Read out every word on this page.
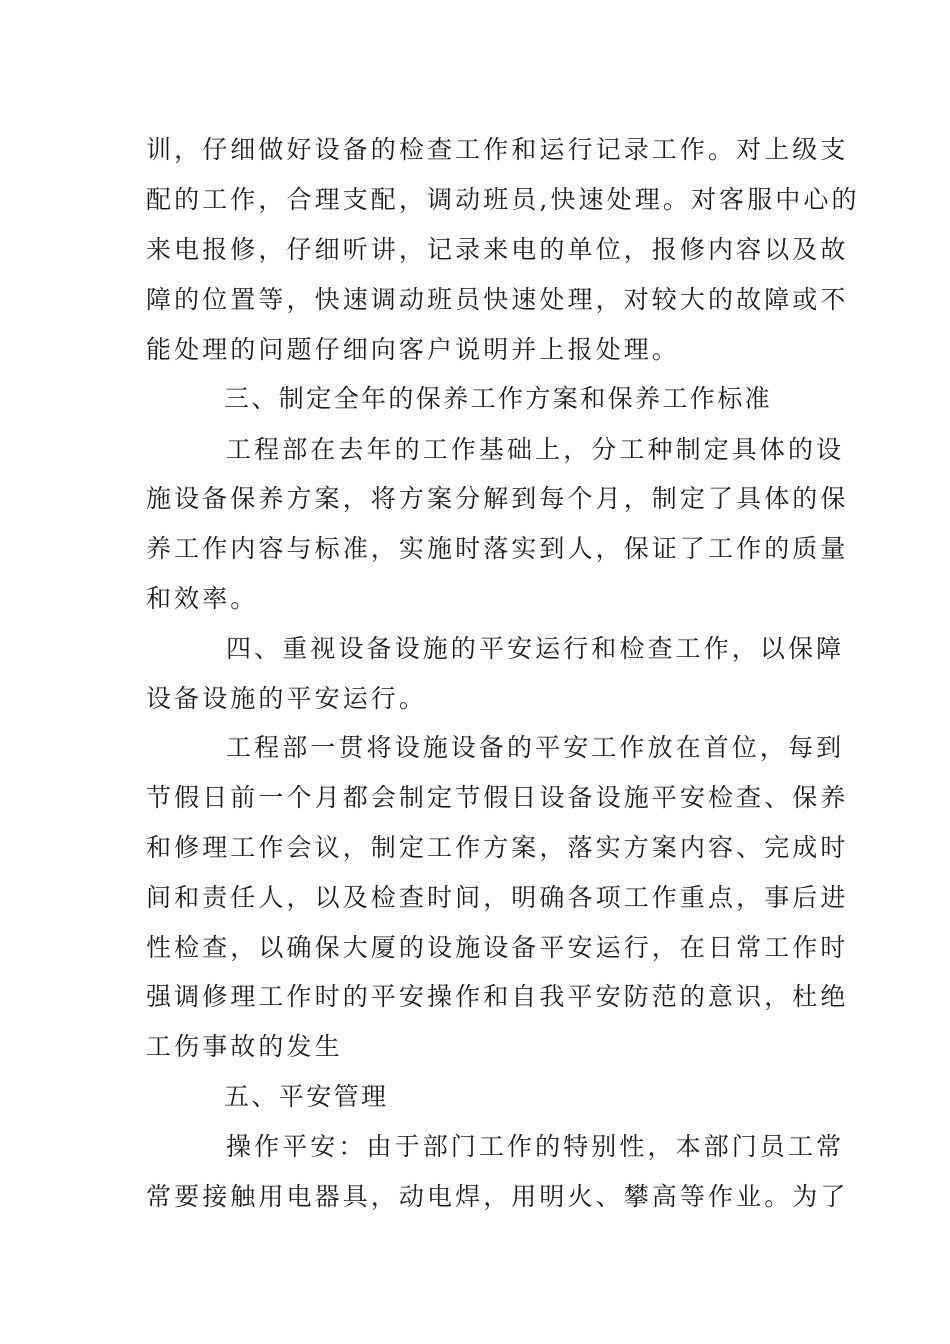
训，仔细做好设备的检查工作和运行记录工作。对上级支
配的工作，合理支配，调动班员,快速处理。对客服中心的
来电报修，仔细听讲，记录来电的单位，报修内容以及故
障的位置等，快速调动班员快速处理，对较大的故障或不
能处理的问题仔细向客户说明并上报处理。
三、制定全年的保养工作方案和保养工作标准
工程部在去年的工作基础上，分工种制定具体的设
施设备保养方案，将方案分解到每个月，制定了具体的保
养工作内容与标准，实施时落实到人，保证了工作的质量
和效率。
四、重视设备设施的平安运行和检查工作，以保障
设备设施的平安运行。
工程部一贯将设施设备的平安工作放在首位，每到
节假日前一个月都会制定节假日设备设施平安检查、保养
和修理工作会议，制定工作方案，落实方案内容、完成时
间和责任人，以及检查时间，明确各项工作重点，事后进
性检查，以确保大厦的设施设备平安运行，在日常工作时
强调修理工作时的平安操作和自我平安防范的意识，杜绝
工伤事故的发生
五、平安管理
操作平安：由于部门工作的特别性，本部门员工常
常要接触用电器具，动电焊，用明火、攀高等作业。为了
